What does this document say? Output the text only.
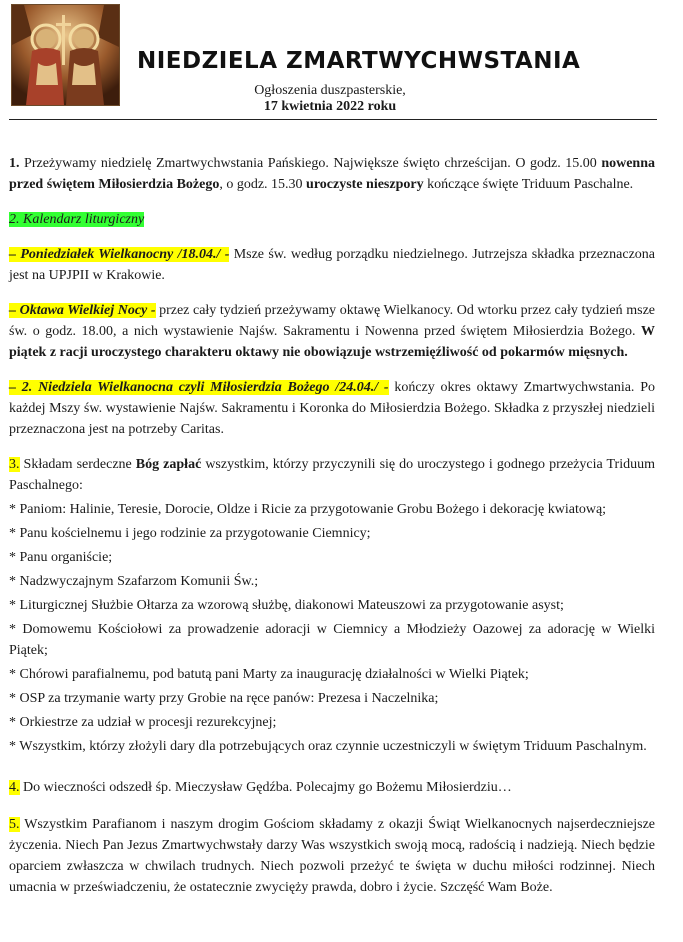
NIEDZIELA ZMARTWYCHWSTANIA
Ogłoszenia duszpasterskie,
17 kwietnia 2022 roku

1. Przeżywamy niedzielę Zmartwychwstania Pańskiego. Największe święto chrześcijan. O godz. 15.00 nowenna przed świętem Miłosierdzia Bożego, o godz. 15.30 uroczyste nieszpory kończące święte Triduum Paschalne.

2. Kalendarz liturgiczny

– Poniedziałek Wielkanocny /18.04./ - Msze św. według porządku niedzielnego. Jutrzejsza składka przeznaczona jest na UPJPII w Krakowie.

– Oktawa Wielkiej Nocy - przez cały tydzień przeżywamy oktawę Wielkanocy. Od wtorku przez cały tydzień msze św. o godz. 18.00, a nich wystawienie Najśw. Sakramentu i Nowenna przed świętem Miłosierdzia Bożego. W piątek z racji uroczystego charakteru oktawy nie obowiązuje wstrzemięźliwość od pokarmów mięsnych.

– 2. Niedziela Wielkanocna czyli Miłosierdzia Bożego /24.04./ - kończy okres oktawy Zmartwychwstania. Po każdej Mszy św. wystawienie Najśw. Sakramentu i Koronka do Miłosierdzia Bożego. Składka z przyszłej niedzieli przeznaczona jest na potrzeby Caritas.

3. Składam serdeczne Bóg zapłać wszystkim, którzy przyczynili się do uroczystego i godnego przeżycia Triduum Paschalnego:

* Paniom: Halinie, Teresie, Dorocie, Oldze i Ricie za przygotowanie Grobu Bożego i dekorację kwiatową;

* Panu kościelnemu i jego rodzinie za przygotowanie Ciemnicy;

* Panu organiście;

* Nadzwyczajnym Szafarzom Komunii Św.;

* Liturgicznej Służbie Ołtarza za wzorową służbę, diakonowi Mateuszowi za przygotowanie asyst;

* Domowemu Kościołowi za prowadzenie adoracji w Ciemnicy a Młodzieży Oazowej za adorację w Wielki Piątek;

* Chórowi parafialnemu, pod batutą pani Marty za inaugurację działalności w Wielki Piątek;

* OSP za trzymanie warty przy Grobie na ręce panów: Prezesa i Naczelnika;

* Orkiestrze za udział w procesji rezurekcyjnej;

* Wszystkim, którzy złożyli dary dla potrzebujących oraz czynnie uczestniczyli w świętym Triduum Paschalnym.

4. Do wieczności odszedł śp. Mieczysław Gędźba. Polecajmy go Bożemu Miłosierdziu…

5. Wszystkim Parafianom i naszym drogim Gościom składamy z okazji Świąt Wielkanocnych najserdeczniejsze życzenia. Niech Pan Jezus Zmartwychwstały darzy Was wszystkich swoją mocą, radością i nadzieją. Niech będzie oparciem zwłaszcza w chwilach trudnych. Niech pozwoli przeżyć te święta w duchu miłości rodzinnej. Niech umacnia w przeświadczeniu, że ostatecznie zwycięży prawda, dobro i życie. Szczęść Wam Boże.
